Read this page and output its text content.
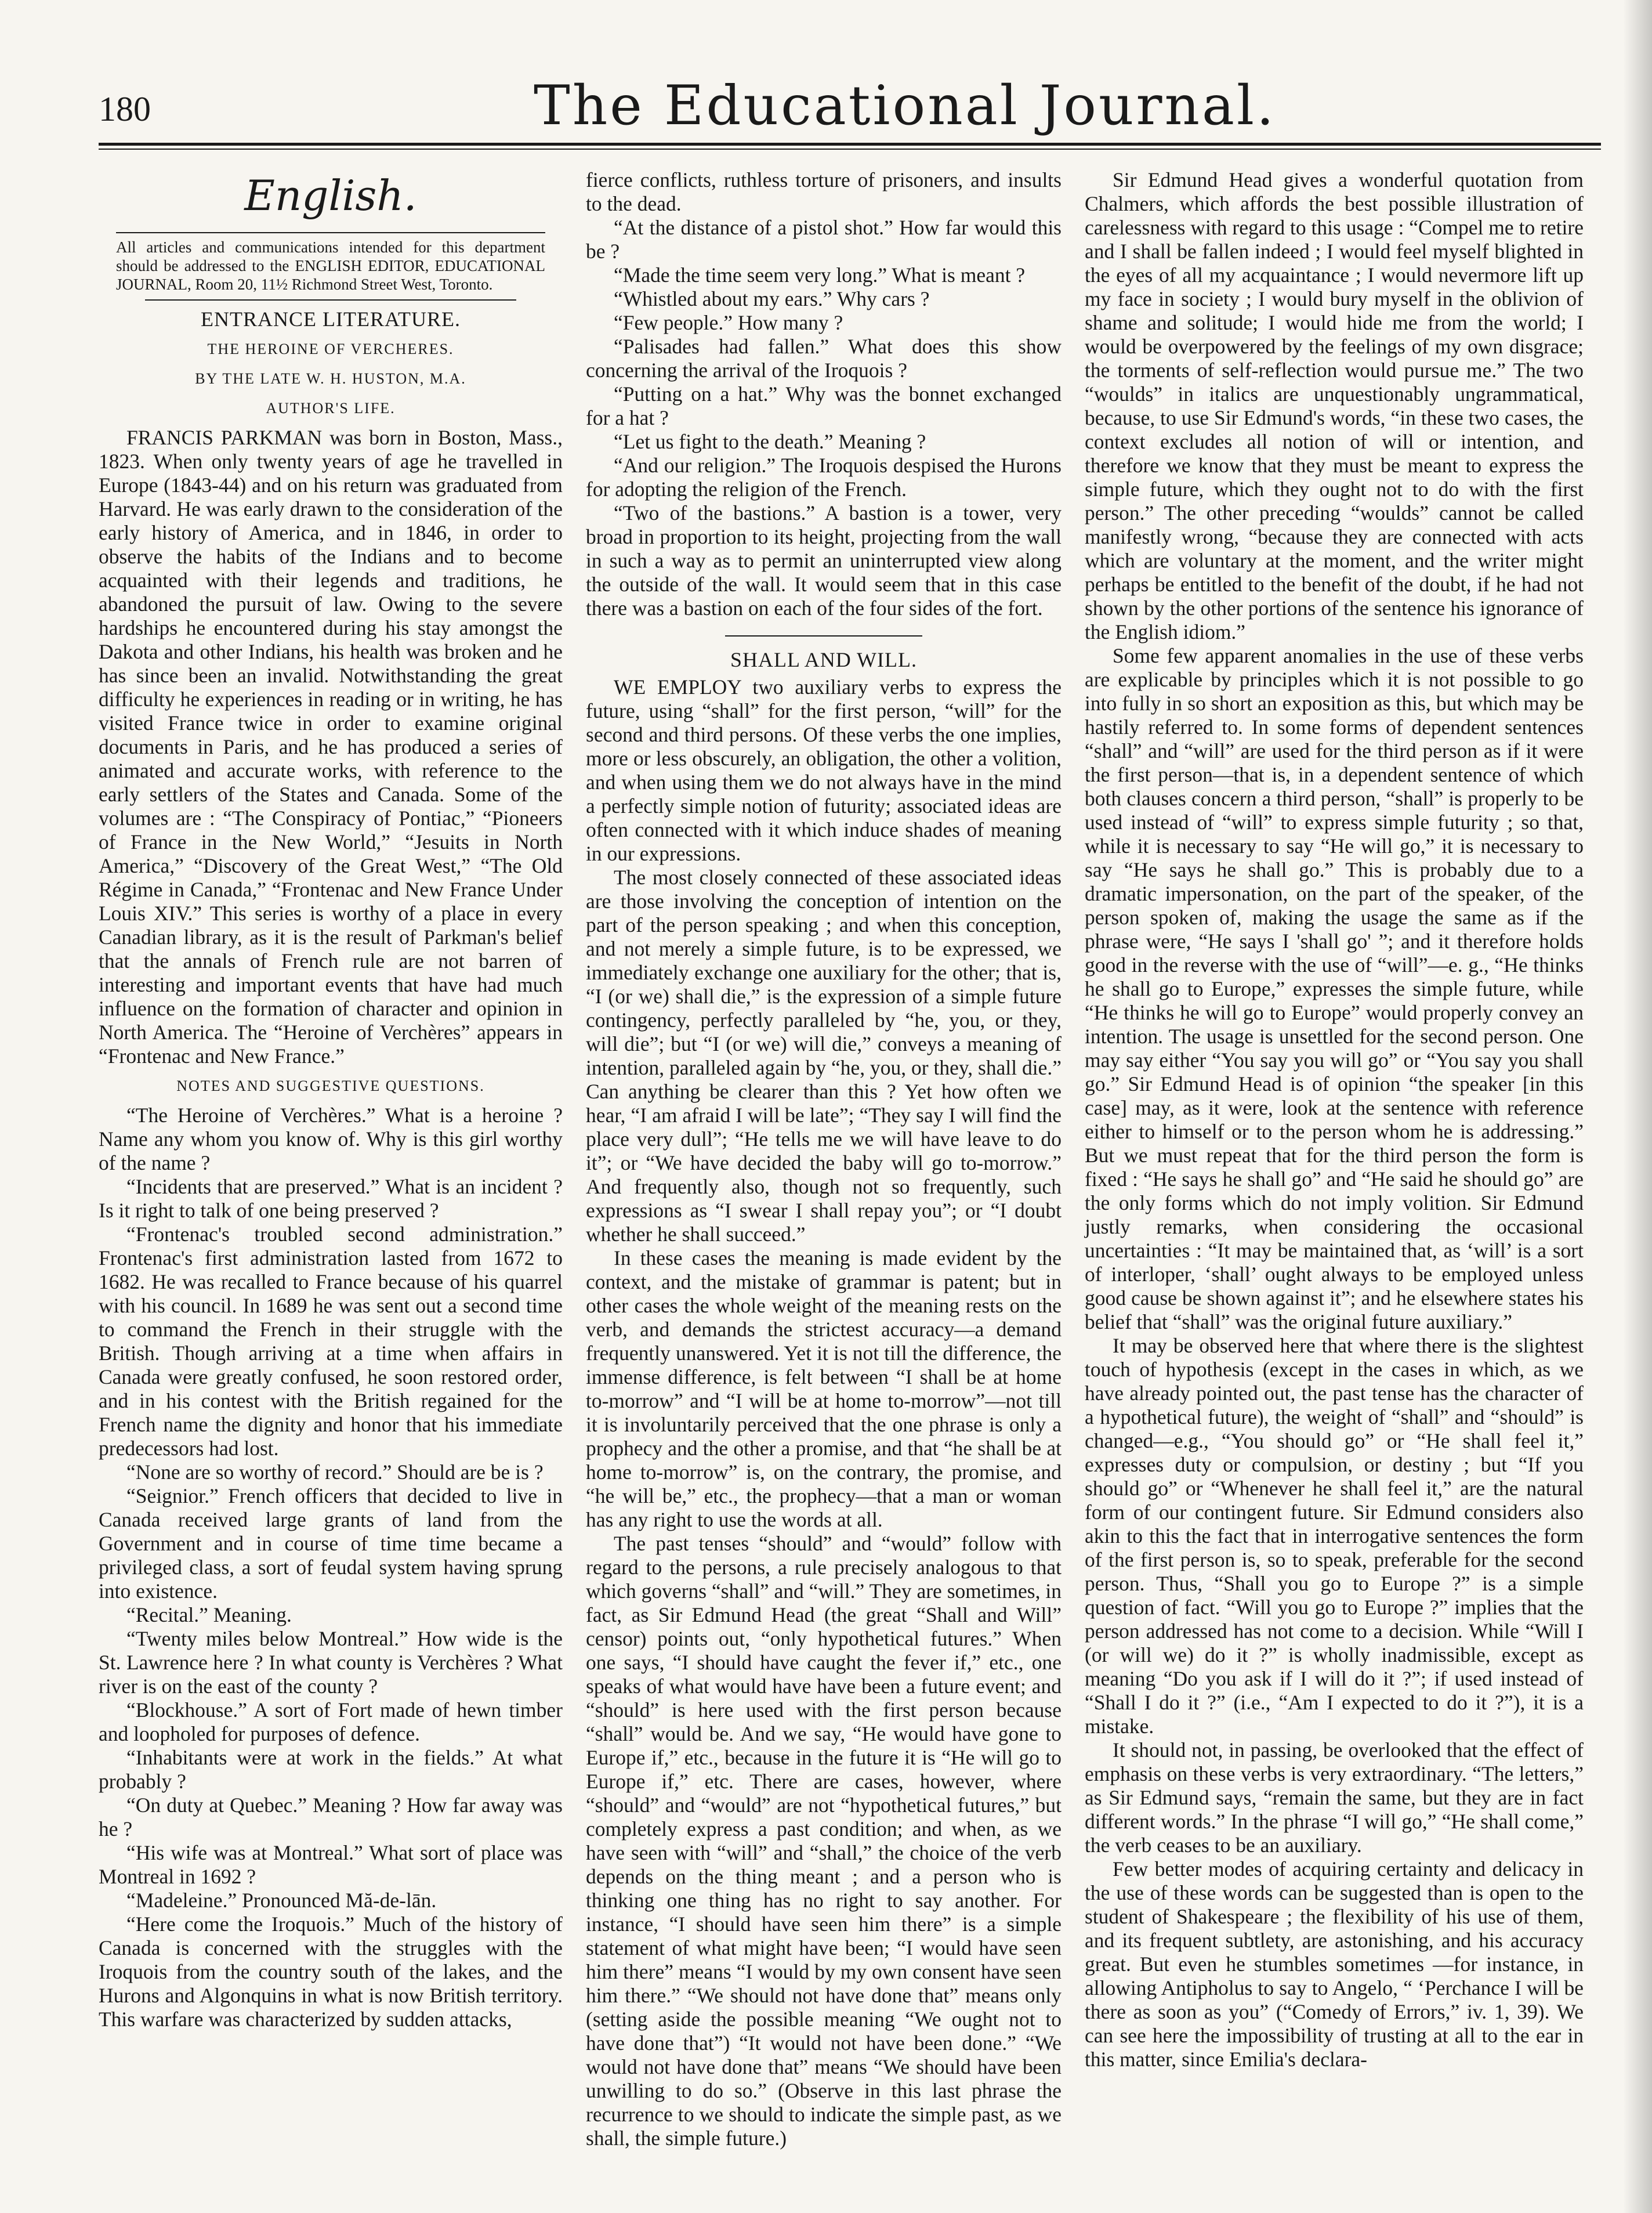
180	The Educational Journal.
English.
All articles and communications intended for this department should be addressed to the ENGLISH EDITOR, EDUCATIONAL JOURNAL, Room 20, 11½ Richmond Street West, Toronto.
ENTRANCE LITERATURE.
THE HEROINE OF VERCHERES.
BY THE LATE W. H. HUSTON, M.A.
AUTHOR'S LIFE.

FRANCIS PARKMAN was born in Boston, Mass., 1823. When only twenty years of age he travelled in Europe (1843-44) and on his return was graduated from Harvard. He was early drawn to the consideration of the early history of America, and in 1846, in order to observe the habits of the Indians and to become acquainted with their legends and traditions, he abandoned the pursuit of law. Owing to the severe hardships he encountered during his stay amongst the Dakota and other Indians, his health was broken and he has since been an invalid. Notwithstanding the great difficulty he experiences in reading or in writing, he has visited France twice in order to examine original documents in Paris, and he has produced a series of animated and accurate works, with reference to the early settlers of the States and Canada. Some of the volumes are : “The Conspiracy of Pontiac,” “Pioneers of France in the New World,” “Jesuits in North America,” “Discovery of the Great West,” “The Old Régime in Canada,” “Frontenac and New France Under Louis XIV.” This series is worthy of a place in every Canadian library, as it is the result of Parkman's belief that the annals of French rule are not barren of interesting and important events that have had much influence on the formation of character and opinion in North America. The “Heroine of Verchères” appears in “Frontenac and New France.”

NOTES AND SUGGESTIVE QUESTIONS.

“The Heroine of Verchères.” What is a heroine ? Name any whom you know of. Why is this girl worthy of the name ?

“Incidents that are preserved.” What is an incident ? Is it right to talk of one being preserved ?

“Frontenac's troubled second administration.” Frontenac's first administration lasted from 1672 to 1682. He was recalled to France because of his quarrel with his council. In 1689 he was sent out a second time to command the French in their struggle with the British. Though arriving at a time when affairs in Canada were greatly confused, he soon restored order, and in his contest with the British regained for the French name the dignity and honor that his immediate predecessors had lost.

“None are so worthy of record.” Should are be is ?

“Seignior.” French officers that decided to live in Canada received large grants of land from the Government and in course of time time became a privileged class, a sort of feudal system having sprung into existence.

“Recital.” Meaning.

“Twenty miles below Montreal.” How wide is the St. Lawrence here ? In what county is Verchères ? What river is on the east of the county ?

“Blockhouse.” A sort of Fort made of hewn timber and loopholed for purposes of defence.

“Inhabitants were at work in the fields.” At what probably ?

“On duty at Quebec.” Meaning ? How far away was he ?

“His wife was at Montreal.” What sort of place was Montreal in 1692 ?

“Madeleine.” Pronounced Mă-de-lān.

“Here come the Iroquois.” Much of the history of Canada is concerned with the struggles with the Iroquois from the country south of the lakes, and the Hurons and Algonquins in what is now British territory. This warfare was characterized by sudden attacks,

fierce conflicts, ruthless torture of prisoners, and insults to the dead.

“At the distance of a pistol shot.” How far would this be ?

“Made the time seem very long.” What is meant ?

“Whistled about my ears.” Why cars ?

“Few people.” How many ?

“Palisades had fallen.” What does this show concerning the arrival of the Iroquois ?

“Putting on a hat.” Why was the bonnet exchanged for a hat ?

“Let us fight to the death.” Meaning ?

“And our religion.” The Iroquois despised the Hurons for adopting the religion of the French.

“Two of the bastions.” A bastion is a tower, very broad in proportion to its height, projecting from the wall in such a way as to permit an uninterrupted view along the outside of the wall. It would seem that in this case there was a bastion on each of the four sides of the fort.

SHALL AND WILL.

WE EMPLOY two auxiliary verbs to express the future, using “shall” for the first person, “will” for the second and third persons. Of these verbs the one implies, more or less obscurely, an obligation, the other a volition, and when using them we do not always have in the mind a perfectly simple notion of futurity; associated ideas are often connected with it which induce shades of meaning in our expressions.

The most closely connected of these associated ideas are those involving the conception of intention on the part of the person speaking ; and when this conception, and not merely a simple future, is to be expressed, we immediately exchange one auxiliary for the other; that is, “I (or we) shall die,” is the expression of a simple future contingency, perfectly paralleled by “he, you, or they, will die”; but “I (or we) will die,” conveys a meaning of intention, paralleled again by “he, you, or they, shall die.” Can anything be clearer than this ? Yet how often we hear, “I am afraid I will be late”; “They say I will find the place very dull”; “He tells me we will have leave to do it”; or “We have decided the baby will go to-morrow.” And frequently also, though not so frequently, such expressions as “I swear I shall repay you”; or “I doubt whether he shall succeed.”

In these cases the meaning is made evident by the context, and the mistake of grammar is patent; but in other cases the whole weight of the meaning rests on the verb, and demands the strictest accuracy—a demand frequently unanswered. Yet it is not till the difference, the immense difference, is felt between “I shall be at home to-morrow” and “I will be at home to-morrow”—not till it is involuntarily perceived that the one phrase is only a prophecy and the other a promise, and that “he shall be at home to-morrow” is, on the contrary, the promise, and “he will be,” etc., the prophecy—that a man or woman has any right to use the words at all.

The past tenses “should” and “would” follow with regard to the persons, a rule precisely analogous to that which governs “shall” and “will.” They are sometimes, in fact, as Sir Edmund Head (the great “Shall and Will” censor) points out, “only hypothetical futures.” When one says, “I should have caught the fever if,” etc., one speaks of what would have have been a future event; and “should” is here used with the first person because “shall” would be. And we say, “He would have gone to Europe if,” etc., because in the future it is “He will go to Europe if,” etc. There are cases, however, where “should” and “would” are not “hypothetical futures,” but completely express a past condition; and when, as we have seen with “will” and “shall,” the choice of the verb depends on the thing meant ; and a person who is thinking one thing has no right to say another. For instance, “I should have seen him there” is a simple statement of what might have been; “I would have seen him there” means “I would by my own consent have seen him there.” “We should not have done that” means only (setting aside the possible meaning “We ought not to have done that”) “It would not have been done.” “We would not have done that” means “We should have been unwilling to do so.” (Observe in this last phrase the recurrence to we should to indicate the simple past, as we shall, the simple future.)

Sir Edmund Head gives a wonderful quotation from Chalmers, which affords the best possible illustration of carelessness with regard to this usage : “Compel me to retire and I shall be fallen indeed ; I would feel myself blighted in the eyes of all my acquaintance ; I would nevermore lift up my face in society ; I would bury myself in the oblivion of shame and solitude; I would hide me from the world; I would be overpowered by the feelings of my own disgrace; the torments of self-reflection would pursue me.” The two “woulds” in italics are unquestionably ungrammatical, because, to use Sir Edmund's words, “in these two cases, the context excludes all notion of will or intention, and therefore we know that they must be meant to express the simple future, which they ought not to do with the first person.” The other preceding “woulds” cannot be called manifestly wrong, “because they are connected with acts which are voluntary at the moment, and the writer might perhaps be entitled to the benefit of the doubt, if he had not shown by the other portions of the sentence his ignorance of the English idiom.”

Some few apparent anomalies in the use of these verbs are explicable by principles which it is not possible to go into fully in so short an exposition as this, but which may be hastily referred to. In some forms of dependent sentences “shall” and “will” are used for the third person as if it were the first person—that is, in a dependent sentence of which both clauses concern a third person, “shall” is properly to be used instead of “will” to express simple futurity ; so that, while it is necessary to say “He will go,” it is necessary to say “He says he shall go.” This is probably due to a dramatic impersonation, on the part of the speaker, of the person spoken of, making the usage the same as if the phrase were, “He says I 'shall go' ”; and it therefore holds good in the reverse with the use of “will”—e. g., “He thinks he shall go to Europe,” expresses the simple future, while “He thinks he will go to Europe” would properly convey an intention. The usage is unsettled for the second person. One may say either “You say you will go” or “You say you shall go.” Sir Edmund Head is of opinion “the speaker [in this case] may, as it were, look at the sentence with reference either to himself or to the person whom he is addressing.” But we must repeat that for the third person the form is fixed : “He says he shall go” and “He said he should go” are the only forms which do not imply volition. Sir Edmund justly remarks, when considering the occasional uncertainties : “It may be maintained that, as ‘will’ is a sort of interloper, ‘shall’ ought always to be employed unless good cause be shown against it”; and he elsewhere states his belief that “shall” was the original future auxiliary.”

It may be observed here that where there is the slightest touch of hypothesis (except in the cases in which, as we have already pointed out, the past tense has the character of a hypothetical future), the weight of “shall” and “should” is changed—e.g., “You should go” or “He shall feel it,” expresses duty or compulsion, or destiny ; but “If you should go” or “Whenever he shall feel it,” are the natural form of our contingent future. Sir Edmund considers also akin to this the fact that in interrogative sentences the form of the first person is, so to speak, preferable for the second person. Thus, “Shall you go to Europe ?” is a simple question of fact. “Will you go to Europe ?” implies that the person addressed has not come to a decision. While “Will I (or will we) do it ?” is wholly inadmissible, except as meaning “Do you ask if I will do it ?”; if used instead of “Shall I do it ?” (i.e., “Am I expected to do it ?”), it is a mistake.

It should not, in passing, be overlooked that the effect of emphasis on these verbs is very extraordinary. “The letters,” as Sir Edmund says, “remain the same, but they are in fact different words.” In the phrase “I will go,” “He shall come,” the verb ceases to be an auxiliary.

Few better modes of acquiring certainty and delicacy in the use of these words can be suggested than is open to the student of Shakespeare ; the flexibility of his use of them, and its frequent subtlety, are astonishing, and his accuracy great. But even he stumbles sometimes —for instance, in allowing Antipholus to say to Angelo, “ ‘Perchance I will be there as soon as you” (“Comedy of Errors,” iv. 1, 39). We can see here the impossibility of trusting at all to the ear in this matter, since Emilia's declara-
